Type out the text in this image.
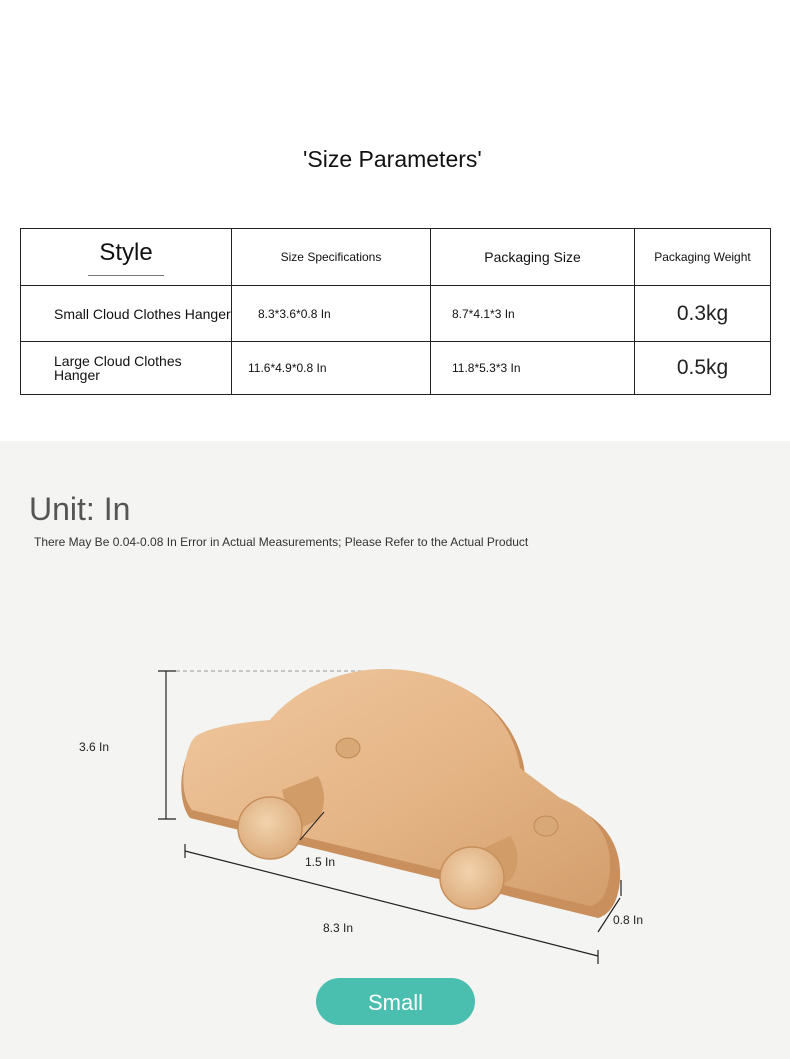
'Size Parameters'
Style	Size Specifications	Packaging Size	Packaging Weight
Small Cloud Clothes Hanger	8.3*3.6*0.8 In	8.7*4.1*3 In	0.3kg
Large Cloud Clothes Hanger	11.6*4.9*0.8 In	11.8*5.3*3 In	0.5kg
Unit: In
There May Be 0.04-0.08 In Error in Actual Measurements; Please Refer to the Actual Product
3.6 In
1.5 In
8.3 In
0.8 In
Small
